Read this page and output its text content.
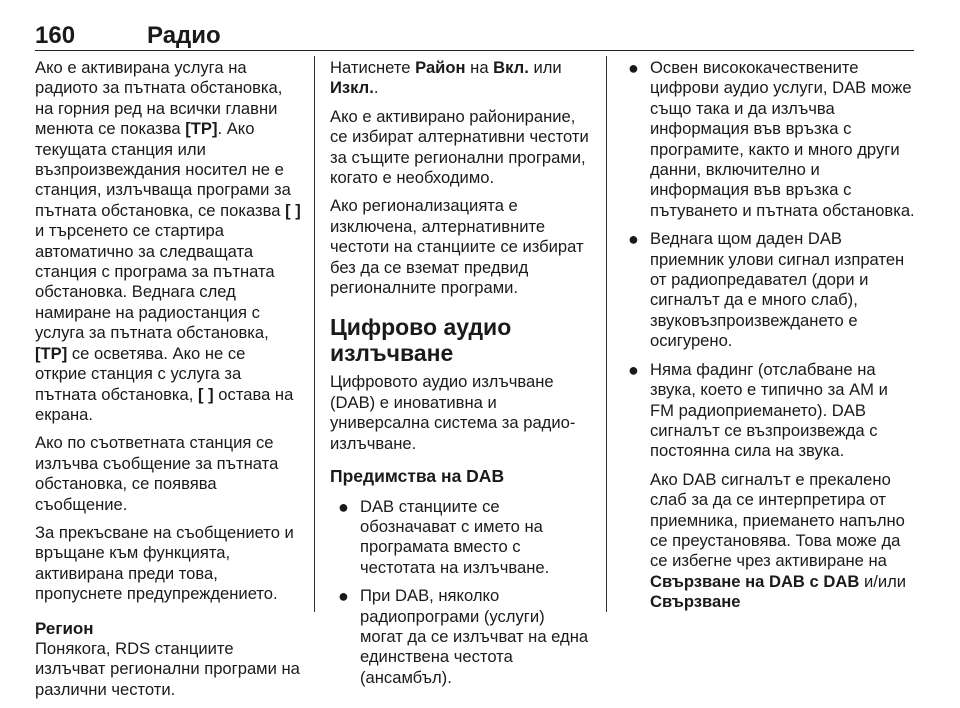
160	Радио

Ако е активирана услуга на радиото за пътната обстановка, на горния ред на всички главни менюта се показва [TP]. Ако текущата станция или възпроизвеждания носител не е станция, излъчваща програми за пътната обстановка, се показва [ ] и търсенето се стартира автоматично за следващата станция с програма за пътната обстановка. Веднага след намиране на радиостанция с услуга за пътната обстановка, [TP] се осветява. Ако не се открие станция с услуга за пътната обстановка, [ ] остава на екрана.

Ако по съответната станция се излъчва съобщение за пътната обстановка, се появява съобщение.

За прекъсване на съобщението и връщане към функцията, активирана преди това, пропуснете предупреждението.

Регион

Понякога, RDS станциите излъчват регионални програми на различни честоти.

Натиснете Район на Вкл. или Изкл..

Ако е активирано районирание, се избират алтернативни честоти за същите регионални програми, когато е необходимо.

Ако регионализацията е изключена, алтернативните честоти на станциите се избират без да се вземат предвид регионалните програми.

Цифрово аудио излъчване

Цифровото аудио излъчване (DAB) е иновативна и универсална система за радио-излъчване.

Предимства на DAB
● DAB станциите се обозначават с името на програмата вместо с честотата на излъчване.
● При DAB, няколко радиопрограми (услуги) могат да се излъчват на една единствена честота (ансамбъл).
● Освен висококачествените цифрови аудио услуги, DAB може също така и да излъчва информация във връзка с програмите, както и много други данни, включително и информация във връзка с пътуването и пътната обстановка.
● Веднага щом даден DAB приемник улови сигнал изпратен от радиопредавател (дори и сигналът да е много слаб), звуковъзпроизвеждането е осигурено.
● Няма фадинг (отслабване на звука, което е типично за AM и FM радиоприемането). DAB сигналът се възпроизвежда с постоянна сила на звука.

Ако DAB сигналът е прекалено слаб за да се интерпретира от приемника, приемането напълно се преустановява. Това може да се избегне чрез активиране на Свързване на DAB с DAB и/или Свързване
